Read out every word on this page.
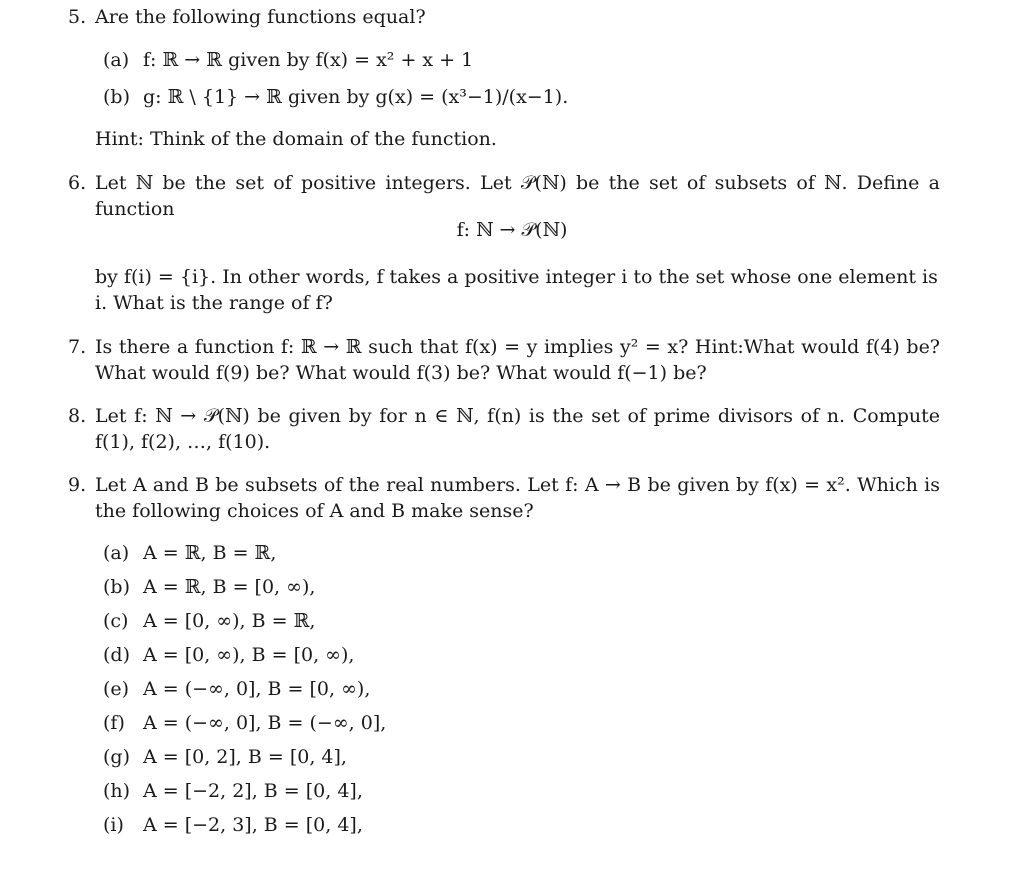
5. Are the following functions equal?
(a) f: ℝ → ℝ given by f(x) = x² + x + 1
(b) g: ℝ \ {1} → ℝ given by g(x) = (x³−1)/(x−1).
Hint: Think of the domain of the function.
6. Let ℕ be the set of positive integers. Let 𝒫(ℕ) be the set of subsets of ℕ. Define a function
f: ℕ → 𝒫(ℕ)
by f(i) = {i}. In other words, f takes a positive integer i to the set whose one element is i. What is the range of f?
7. Is there a function f: ℝ → ℝ such that f(x) = y implies y² = x? Hint:What would f(4) be? What would f(9) be? What would f(3) be? What would f(−1) be?
8. Let f: ℕ → 𝒫(ℕ) be given by for n ∈ ℕ, f(n) is the set of prime divisors of n. Compute f(1), f(2), …, f(10).
9. Let A and B be subsets of the real numbers. Let f: A → B be given by f(x) = x². Which is the following choices of A and B make sense?
(a) A = ℝ, B = ℝ,
(b) A = ℝ, B = [0, ∞),
(c) A = [0, ∞), B = ℝ,
(d) A = [0, ∞), B = [0, ∞),
(e) A = (−∞, 0], B = [0, ∞),
(f) A = (−∞, 0], B = (−∞, 0],
(g) A = [0, 2], B = [0, 4],
(h) A = [−2, 2], B = [0, 4],
(i) A = [−2, 3], B = [0, 4],
